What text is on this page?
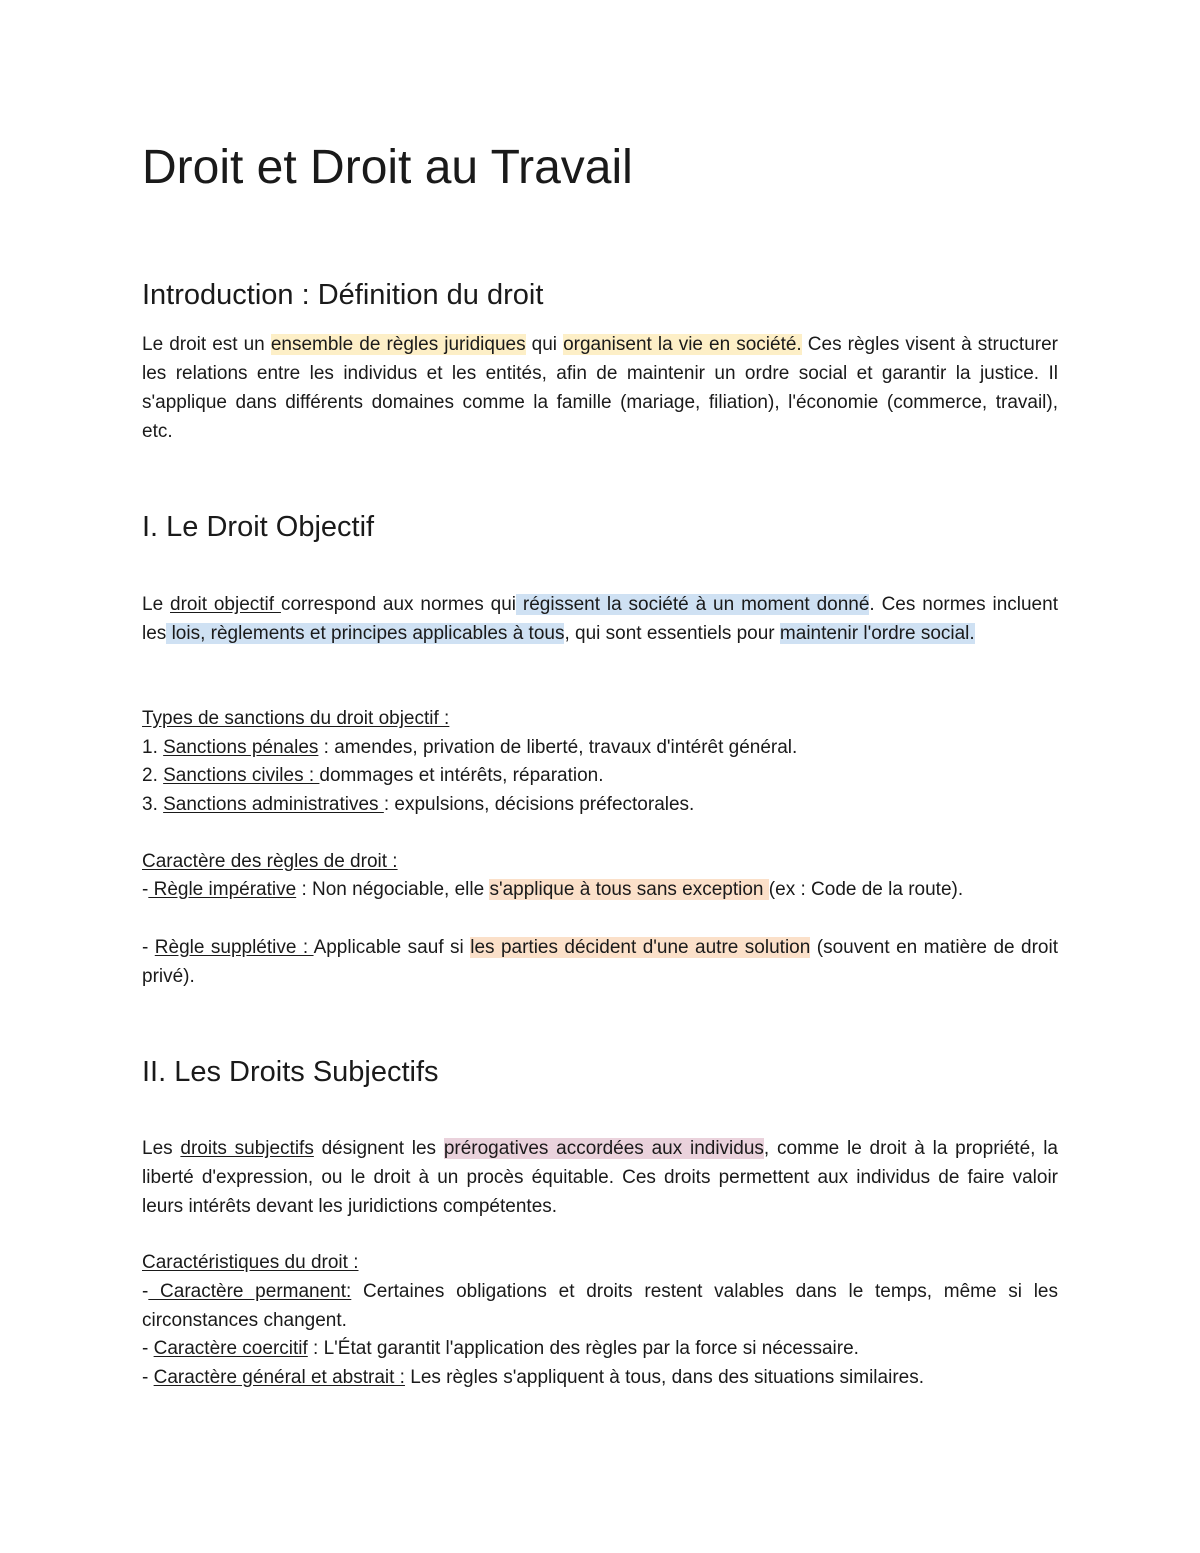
Droit et Droit au Travail
Introduction : Définition du droit

Le droit est un ensemble de règles juridiques qui organisent la vie en société. Ces règles visent à structurer les relations entre les individus et les entités, afin de maintenir un ordre social et garantir la justice. Il s'applique dans différents domaines comme la famille (mariage, filiation), l'économie (commerce, travail), etc.

I. Le Droit Objectif

Le droit objectif correspond aux normes qui régissent la société à un moment donné. Ces normes incluent les lois, règlements et principes applicables à tous, qui sont essentiels pour maintenir l'ordre social.

Types de sanctions du droit objectif :
1. Sanctions pénales : amendes, privation de liberté, travaux d'intérêt général.
2. Sanctions civiles : dommages et intérêts, réparation.
3. Sanctions administratives : expulsions, décisions préfectorales.
Caractère des règles de droit :

- Règle impérative : Non négociable, elle s'applique à tous sans exception (ex : Code de la route).

- Règle supplétive : Applicable sauf si les parties décident d'une autre solution (souvent en matière de droit privé).

II. Les Droits Subjectifs

Les droits subjectifs désignent les prérogatives accordées aux individus, comme le droit à la propriété, la liberté d'expression, ou le droit à un procès équitable. Ces droits permettent aux individus de faire valoir leurs intérêts devant les juridictions compétentes.

Caractéristiques du droit :

- Caractère permanent: Certaines obligations et droits restent valables dans le temps, même si les circonstances changent.

- Caractère coercitif : L'État garantit l'application des règles par la force si nécessaire.
- Caractère général et abstrait : Les règles s'appliquent à tous, dans des situations similaires.
